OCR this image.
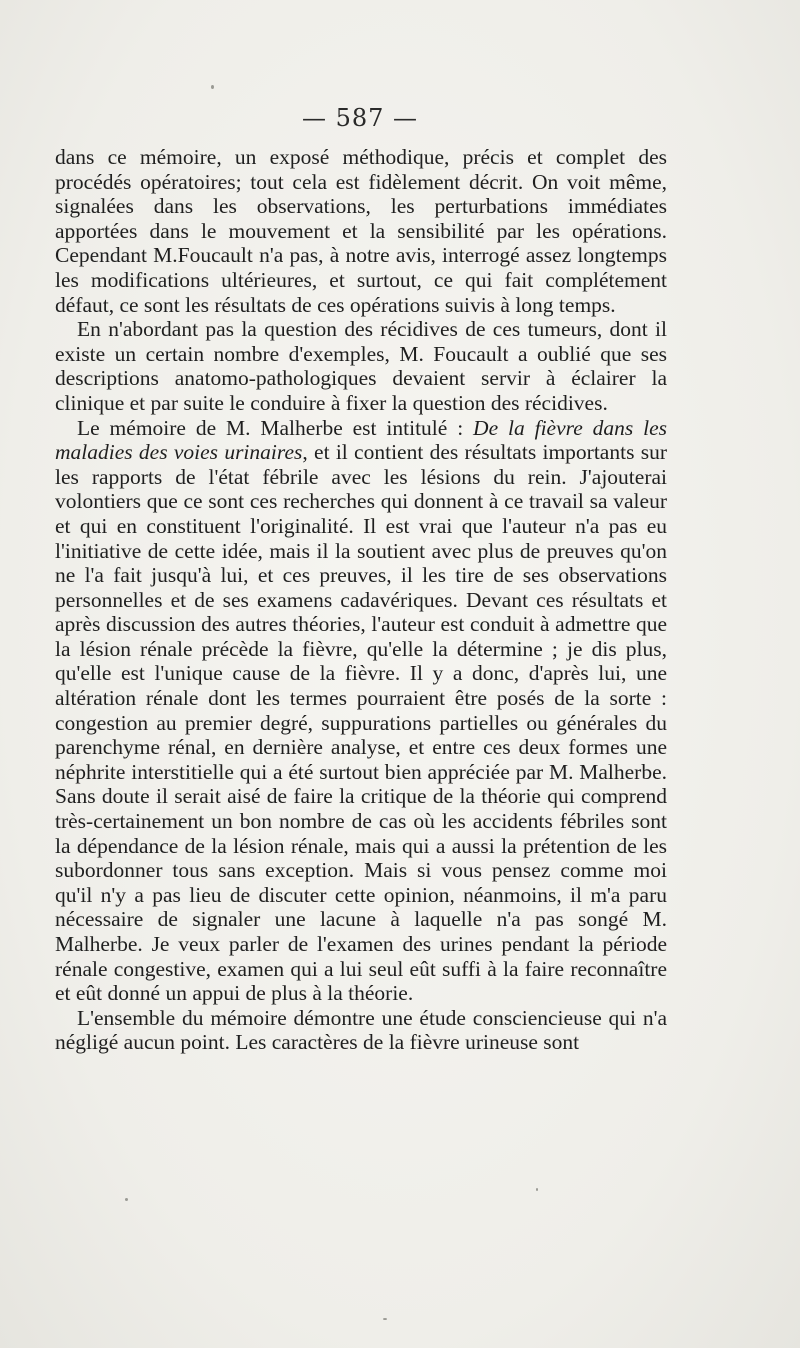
— 587 —

dans ce mémoire, un exposé méthodique, précis et complet des procédés opératoires; tout cela est fidèlement décrit. On voit même, signalées dans les observations, les perturbations immédiates apportées dans le mouvement et la sensibilité par les opérations. Cependant M.Foucault n'a pas, à notre avis, interrogé assez longtemps les modifications ultérieures, et surtout, ce qui fait complétement défaut, ce sont les résultats de ces opérations suivis à long temps.

En n'abordant pas la question des récidives de ces tumeurs, dont il existe un certain nombre d'exemples, M. Foucault a oublié que ses descriptions anatomo-pathologiques devaient servir à éclairer la clinique et par suite le conduire à fixer la question des récidives.

Le mémoire de M. Malherbe est intitulé : De la fièvre dans les maladies des voies urinaires, et il contient des résultats importants sur les rapports de l'état fébrile avec les lésions du rein. J'ajouterai volontiers que ce sont ces recherches qui donnent à ce travail sa valeur et qui en constituent l'originalité. Il est vrai que l'auteur n'a pas eu l'initiative de cette idée, mais il la soutient avec plus de preuves qu'on ne l'a fait jusqu'à lui, et ces preuves, il les tire de ses observations personnelles et de ses examens cadavériques. Devant ces résultats et après discussion des autres théories, l'auteur est conduit à admettre que la lésion rénale précède la fièvre, qu'elle la détermine ; je dis plus, qu'elle est l'unique cause de la fièvre. Il y a donc, d'après lui, une altération rénale dont les termes pourraient être posés de la sorte : congestion au premier degré, suppurations partielles ou générales du parenchyme rénal, en dernière analyse, et entre ces deux formes une néphrite interstitielle qui a été surtout bien appréciée par M. Malherbe. Sans doute il serait aisé de faire la critique de la théorie qui comprend très-certainement un bon nombre de cas où les accidents fébriles sont la dépendance de la lésion rénale, mais qui a aussi la prétention de les subordonner tous sans exception. Mais si vous pensez comme moi qu'il n'y a pas lieu de discuter cette opinion, néanmoins, il m'a paru nécessaire de signaler une lacune à laquelle n'a pas songé M. Malherbe. Je veux parler de l'examen des urines pendant la période rénale congestive, examen qui a lui seul eût suffi à la faire reconnaître et eût donné un appui de plus à la théorie.

L'ensemble du mémoire démontre une étude consciencieuse qui n'a négligé aucun point. Les caractères de la fièvre urineuse sont
